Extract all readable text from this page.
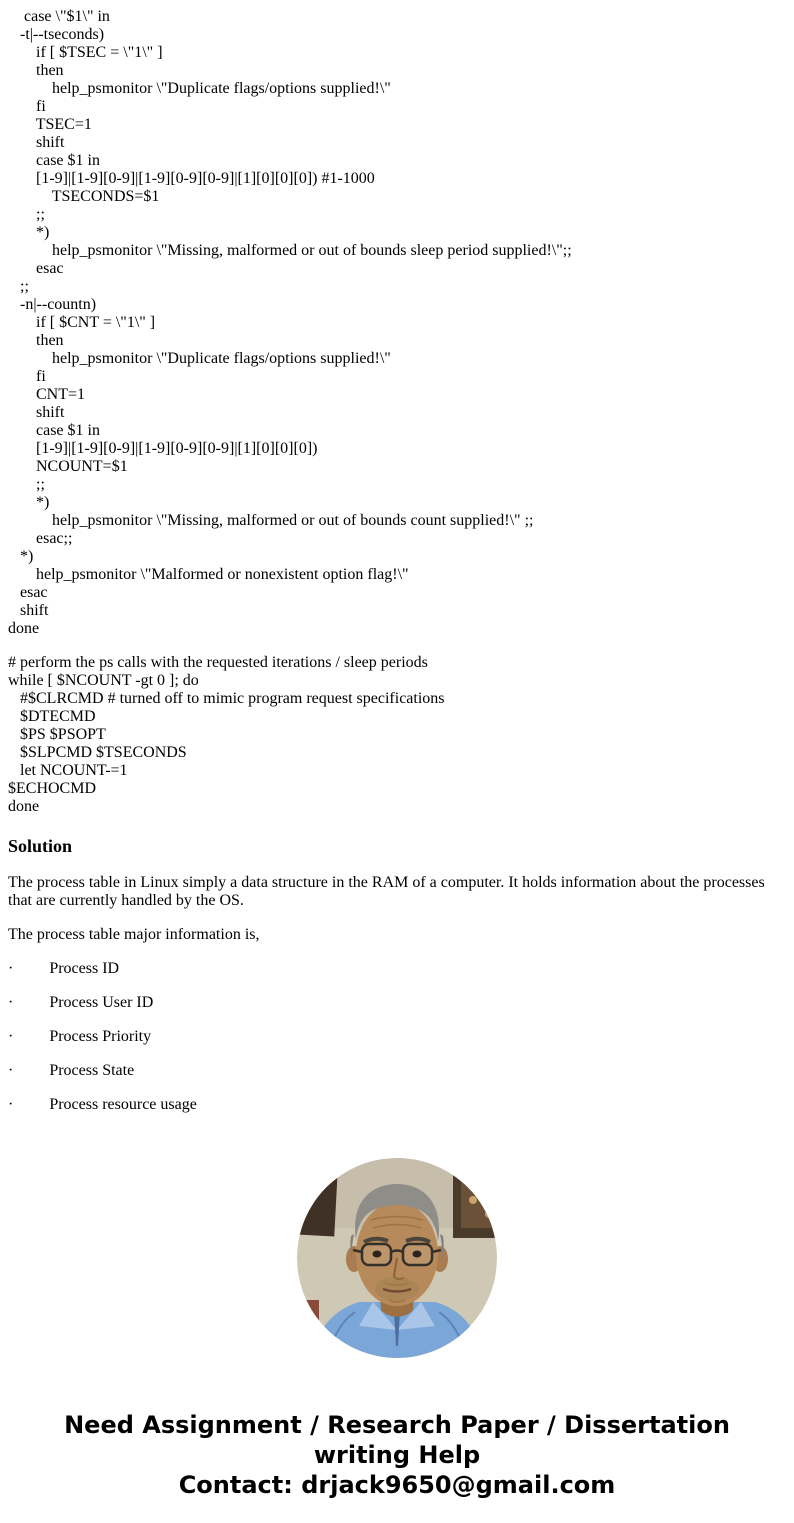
case \"$1\" in
-t|--tseconds)
if [ $TSEC = \"1\" ]
then
help_psmonitor \"Duplicate flags/options supplied!\"
fi
TSEC=1
shift
case $1 in
[1-9]|[1-9][0-9]|[1-9][0-9][0-9]|[1][0][0][0]) #1-1000
TSECONDS=$1
;;
*)
help_psmonitor \"Missing, malformed or out of bounds sleep period supplied!\";;
esac
;;
-n|--countn)
if [ $CNT = \"1\" ]
then
help_psmonitor \"Duplicate flags/options supplied!\"
fi
CNT=1
shift
case $1 in
[1-9]|[1-9][0-9]|[1-9][0-9][0-9]|[1][0][0][0])
NCOUNT=$1
;;
*)
help_psmonitor \"Missing, malformed or out of bounds count supplied!\" ;;
esac;;
*)
help_psmonitor \"Malformed or nonexistent option flag!\"
esac
shift
done
# perform the ps calls with the requested iterations / sleep periods
while [ $NCOUNT -gt 0 ]; do
#$CLRCMD # turned off to mimic program request specifications
$DTECMD
$PS $PSOPT
$SLPCMD $TSECONDS
let NCOUNT-=1
$ECHOCMD
done
Solution

The process table in Linux simply a data structure in the RAM of a computer. It holds information about the processes that are currently handled by the OS.

The process table major information is,

·         Process ID

·         Process User ID

·         Process Priority

·         Process State

·         Process resource usage

Need Assignment / Research Paper / Dissertation writing Help
Contact: drjack9650@gmail.com
